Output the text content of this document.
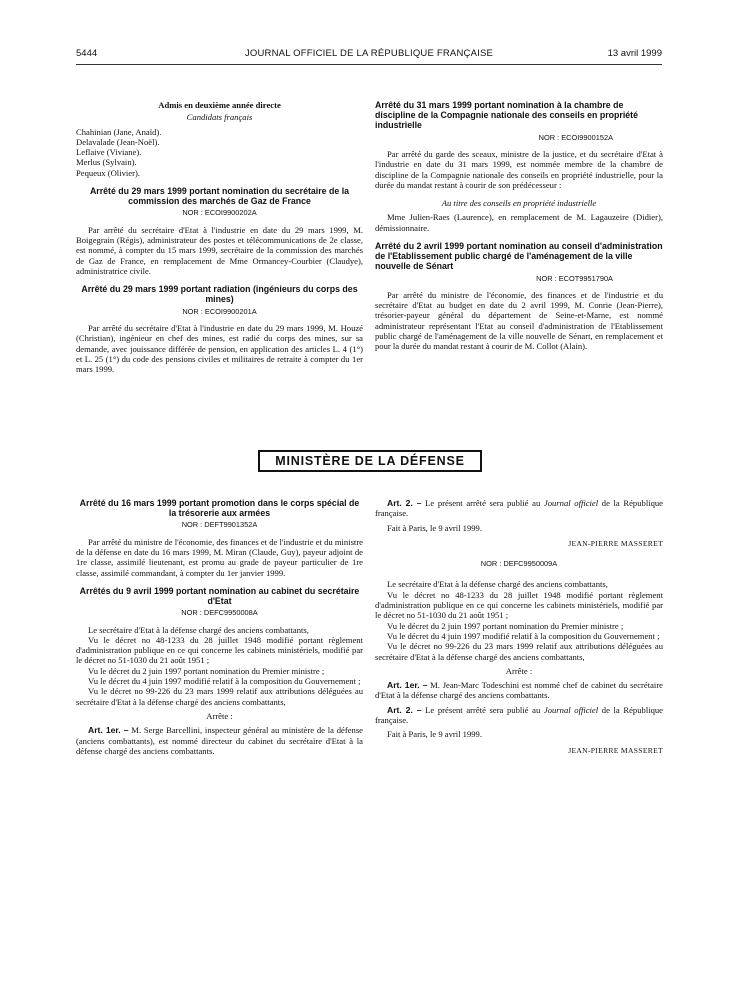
5444	JOURNAL OFFICIEL DE LA RÉPUBLIQUE FRANÇAISE	13 avril 1999

Admis en deuxième année directe

Candidats français

Chahinian (Jane, Anaïd).

Delavalade (Jean-Noël).

Leflaive (Viviane).

Merlus (Sylvain).

Pequeux (Olivier).

Arrêté du 29 mars 1999 portant nomination du secrétaire de la commission des marchés de Gaz de France

NOR : ECOI9900202A

Par arrêté du secrétaire d'Etat à l'industrie en date du 29 mars 1999, M. Boigegrain (Régis), administrateur des postes et télécommunications de 2e classe, est nommé, à compter du 15 mars 1999, secrétaire de la commission des marchés de Gaz de France, en remplacement de Mme Ormancey-Courbier (Claudye), administratrice civile.

Arrêté du 29 mars 1999 portant radiation (ingénieurs du corps des mines)

NOR : ECOI9900201A

Par arrêté du secrétaire d'Etat à l'industrie en date du 29 mars 1999, M. Houzé (Christian), ingénieur en chef des mines, est radié du corps des mines, sur sa demande, avec jouissance différée de pension, en application des articles L. 4 (1°) et L. 25 (1°) du code des pensions civiles et militaires de retraite à compter du 1er mars 1999.

Arrêté du 31 mars 1999 portant nomination à la chambre de discipline de la Compagnie nationale des conseils en propriété industrielle

NOR : ECOI9900152A

Par arrêté du garde des sceaux, ministre de la justice, et du secrétaire d'Etat à l'industrie en date du 31 mars 1999, est nommée membre de la chambre de discipline de la Compagnie nationale des conseils en propriété industrielle, pour la durée du mandat restant à courir de son prédécesseur :

Au titre des conseils en propriété industrielle

Mme Julien-Raes (Laurence), en remplacement de M. Lagauzeire (Didier), démissionnaire.

Arrêté du 2 avril 1999 portant nomination au conseil d'administration de l'Etablissement public chargé de l'aménagement de la ville nouvelle de Sénart

NOR : ECOT9951790A

Par arrêté du ministre de l'économie, des finances et de l'industrie et du secrétaire d'Etat au budget en date du 2 avril 1999, M. Conrie (Jean-Pierre), trésorier-payeur général du département de Seine-et-Marne, est nommé administrateur représentant l'Etat au conseil d'administration de l'Etablissement public chargé de l'aménagement de la ville nouvelle de Sénart, en remplacement et pour la durée du mandat restant à courir de M. Collot (Alain).

MINISTÈRE DE LA DÉFENSE

Arrêté du 16 mars 1999 portant promotion dans le corps spécial de la trésorerie aux armées

NOR : DEFT9901352A

Par arrêté du ministre de l'économie, des finances et de l'industrie et du ministre de la défense en date du 16 mars 1999, M. Miran (Claude, Guy), payeur adjoint de 1re classe, assimilé lieutenant, est promu au grade de payeur particulier de 1re classe, assimilé commandant, à compter du 1er janvier 1999.

Arrêtés du 9 avril 1999 portant nomination au cabinet du secrétaire d'Etat

NOR : DEFC9950008A

Le secrétaire d'Etat à la défense chargé des anciens combattants,

Vu le décret no 48-1233 du 28 juillet 1948 modifié portant règlement d'administration publique en ce qui concerne les cabinets ministériels, modifié par le décret no 51-1030 du 21 août 1951 ;

Vu le décret du 2 juin 1997 portant nomination du Premier ministre ;

Vu le décret du 4 juin 1997 modifié relatif à la composition du Gouvernement ;

Vu le décret no 99-226 du 23 mars 1999 relatif aux attributions déléguées au secrétaire d'Etat à la défense chargé des anciens combattants,

Arrête :

Art. 1er. – M. Serge Barcellini, inspecteur général au ministère de la défense (anciens combattants), est nommé directeur du cabinet du secrétaire d'Etat à la défense chargé des anciens combattants.

Art. 2. – Le présent arrêté sera publié au Journal officiel de la République française.

Fait à Paris, le 9 avril 1999.

JEAN-PIERRE MASSERET

NOR : DEFC9950009A

Le secrétaire d'Etat à la défense chargé des anciens combattants,

Vu le décret no 48-1233 du 28 juillet 1948 modifié portant règlement d'administration publique en ce qui concerne les cabinets ministériels, modifié par le décret no 51-1030 du 21 août 1951 ;

Vu le décret du 2 juin 1997 portant nomination du Premier ministre ;

Vu le décret du 4 juin 1997 modifié relatif à la composition du Gouvernement ;

Vu le décret no 99-226 du 23 mars 1999 relatif aux attributions déléguées au secrétaire d'Etat à la défense chargé des anciens combattants,

Arrête :

Art. 1er. – M. Jean-Marc Todeschini est nommé chef de cabinet du secrétaire d'Etat à la défense chargé des anciens combattants.

Art. 2. – Le présent arrêté sera publié au Journal officiel de la République française.

Fait à Paris, le 9 avril 1999.

JEAN-PIERRE MASSERET
